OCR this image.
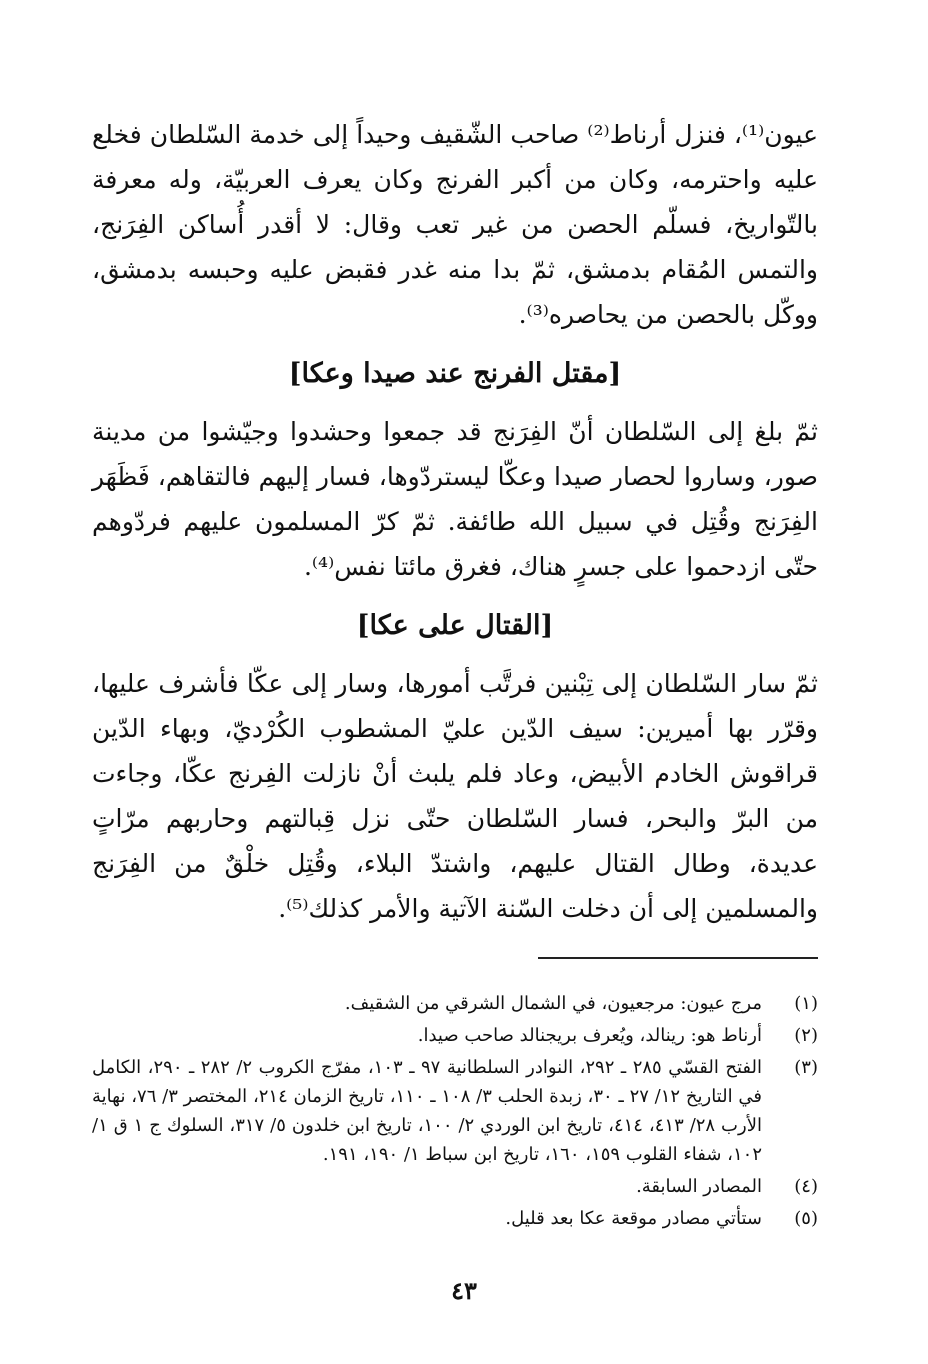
عيون⁽¹⁾، فنزل أرناط⁽²⁾ صاحب الشّقيف وحيداً إلى خدمة السّلطان فخلع عليه واحترمه، وكان من أكبر الفرنج وكان يعرف العربيّة، وله معرفة بالتّواريخ، فسلّم الحصن من غير تعب وقال: لا أقدر أُساكن الفِرَنج، والتمس المُقام بدمشق، ثمّ بدا منه غدر فقبض عليه وحبسه بدمشق، ووكّل بالحصن من يحاصره⁽³⁾.

[مقتل الفرنج عند صيدا وعكا]

ثمّ بلغ إلى السّلطان أنّ الفِرَنج قد جمعوا وحشدوا وجيّشوا من مدينة صور، وساروا لحصار صيدا وعكّا ليستردّوها، فسار إليهم فالتقاهم، فَظَهَر الفِرَنج وقُتِل في سبيل الله طائفة. ثمّ كرّ المسلمون عليهم فردّوهم حتّى ازدحموا على جسرٍ هناك، فغرق مائتا نفس⁽⁴⁾.

[القتال على عكا]

ثمّ سار السّلطان إلى تِبْنين فرتَّب أمورها، وسار إلى عكّا فأشرف عليها، وقرّر بها أميرين: سيف الدّين عليّ المشطوب الكُرْديّ، وبهاء الدّين قراقوش الخادم الأبيض، وعاد فلم يلبث أنْ نازلت الفِرنج عكّا، وجاءت من البرّ والبحر، فسار السّلطان حتّى نزل قِبالتهم وحاربهم مرّاتٍ عديدة، وطال القتال عليهم، واشتدّ البلاء، وقُتِل خلْقٌ من الفِرَنج والمسلمين إلى أن دخلت السّنة الآتية والأمر كذلك⁽⁵⁾.

(١)
مرج عيون: مرجعيون، في الشمال الشرقي من الشقيف.
(٢)
أرناط هو: رينالد، ويُعرف بريجنالد صاحب صيدا.
(٣)
الفتح القسّي ٢٨٥ ـ ٢٩٢، النوادر السلطانية ٩٧ ـ ١٠٣، مفرّج الكروب ٢/ ٢٨٢ ـ ٢٩٠، الكامل في التاريخ ١٢/ ٢٧ ـ ٣٠، زبدة الحلب ٣/ ١٠٨ ـ ١١٠، تاريخ الزمان ٢١٤، المختصر ٣/ ٧٦، نهاية الأرب ٢٨/ ٤١٣، ٤١٤، تاريخ ابن الوردي ٢/ ١٠٠، تاريخ ابن خلدون ٥/ ٣١٧، السلوك ج ١ ق ١/ ١٠٢، شفاء القلوب ١٥٩، ١٦٠، تاريخ ابن سباط ١/ ١٩٠، ١٩١.
(٤)
المصادر السابقة.
(٥)
ستأتي مصادر موقعة عكا بعد قليل.
٤٣
